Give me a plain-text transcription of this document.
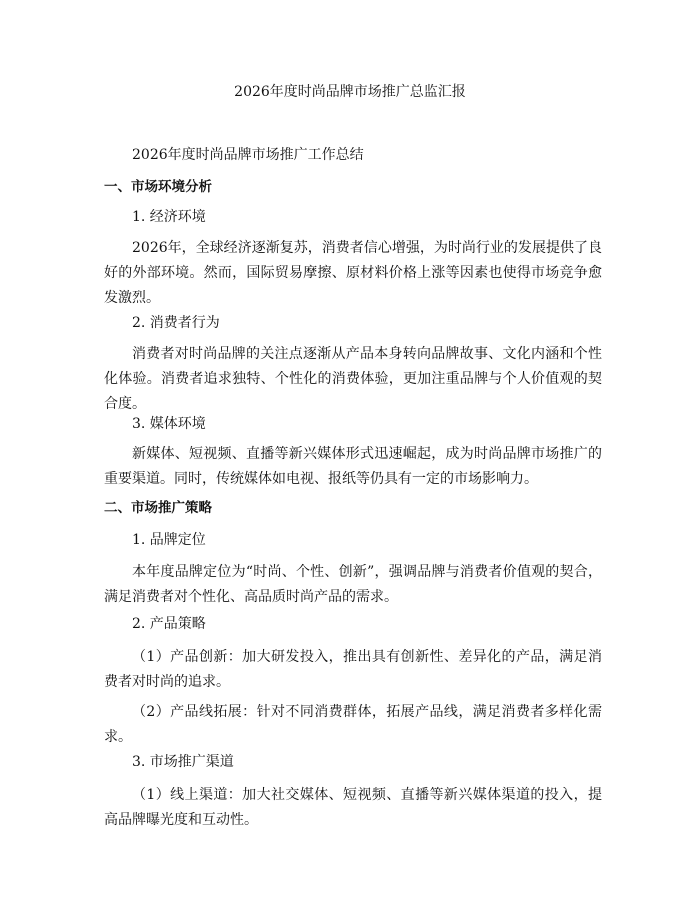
2026年度时尚品牌市场推广总监汇报
2026年度时尚品牌市场推广工作总结
一、市场环境分析
1. 经济环境
2026年，全球经济逐渐复苏，消费者信心增强，为时尚行业的发展提供了良好的外部环境。然而，国际贸易摩擦、原材料价格上涨等因素也使得市场竞争愈发激烈。
2. 消费者行为
消费者对时尚品牌的关注点逐渐从产品本身转向品牌故事、文化内涵和个性化体验。消费者追求独特、个性化的消费体验，更加注重品牌与个人价值观的契合度。
3. 媒体环境
新媒体、短视频、直播等新兴媒体形式迅速崛起，成为时尚品牌市场推广的重要渠道。同时，传统媒体如电视、报纸等仍具有一定的市场影响力。
二、市场推广策略
1. 品牌定位
本年度品牌定位为“时尚、个性、创新”，强调品牌与消费者价值观的契合，满足消费者对个性化、高品质时尚产品的需求。
2. 产品策略
（1）产品创新：加大研发投入，推出具有创新性、差异化的产品，满足消费者对时尚的追求。
（2）产品线拓展：针对不同消费群体，拓展产品线，满足消费者多样化需求。
3. 市场推广渠道
（1）线上渠道：加大社交媒体、短视频、直播等新兴媒体渠道的投入，提高品牌曝光度和互动性。
